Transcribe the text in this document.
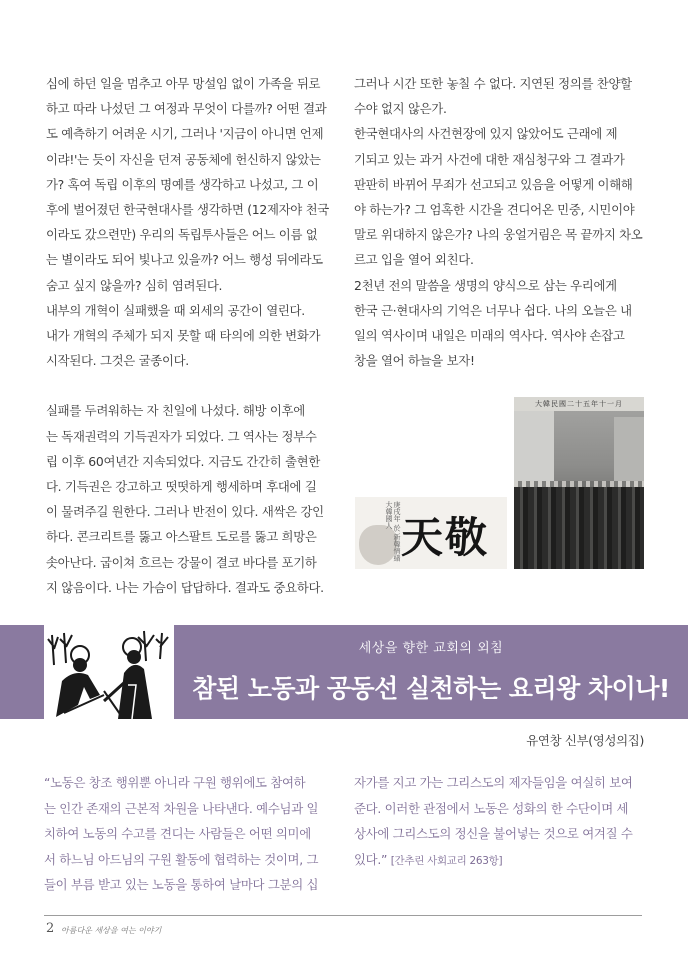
심에 하던 일을 멈추고 아무 망설임 없이 가족을 뒤로

하고 따라 나섰던 그 여정과 무엇이 다를까? 어떤 결과

도 예측하기 어려운 시기, 그러나 '지금이 아니면 언제

이랴!'는 듯이 자신을 던져 공동체에 헌신하지 않았는

가? 혹여 독립 이후의 명예를 생각하고 나섰고, 그 이

후에 벌어졌던 한국현대사를 생각하면 (12제자야 천국

이라도 갔으련만) 우리의 독립투사들은 어느 이름 없

는 별이라도 되어 빛나고 있을까? 어느 행성 뒤에라도

숨고 싶지 않을까? 심히 염려된다.

내부의 개혁이 실패했을 때 외세의 공간이 열린다.

내가 개혁의 주체가 되지 못할 때 타의에 의한 변화가

시작된다. 그것은 굴종이다.

실패를 두려워하는 자 친일에 나섰다. 해방 이후에

는 독재권력의 기득권자가 되었다. 그 역사는 정부수

립 이후 60여년간 지속되었다. 지금도 간간히 출현한

다. 기득권은 강고하고 떳떳하게 행세하며 후대에 길

이 물려주길 원한다. 그러나 반전이 있다. 새싹은 강인

하다. 콘크리트를 뚫고 아스팔트 도로를 뚫고 희망은

솟아난다. 굽이쳐 흐르는 강물이 결코 바다를 포기하

지 않음이다. 나는 가슴이 답답하다. 결과도 중요하다.

그러나 시간 또한 놓칠 수 없다. 지연된 정의를 찬양할

수야 없지 않은가.

한국현대사의 사건현장에 있지 않았어도 근래에 제

기되고 있는 과거 사건에 대한 재심청구와 그 결과가

판판히 바뀌어 무죄가 선고되고 있음을 어떻게 이해해

야 하는가? 그 엄혹한 시간을 견디어온 민중, 시민이야

말로 위대하지 않은가? 나의 웅얼거림은 목 끝까지 차오

르고 입을 열어 외친다.

2천년 전의 말씀을 생명의 양식으로 삼는 우리에게

한국 근·현대사의 기억은 너무나 쉽다. 나의 오늘은 내

일의 역사이며 내일은 미래의 역사다. 역사야 손잡고

창을 열어 하늘을 보자!

庚戌年 於 新韓情緖 大韓國人 天敬
大韓民國二十五年十一月
세상을 향한 교회의 외침
참된 노동과 공동선 실천하는 요리왕 차이나!
유연창 신부(영성의집)

“노동은 창조 행위뿐 아니라 구원 행위에도 참여하

는 인간 존재의 근본적 차원을 나타낸다. 예수님과 일

치하여 노동의 수고를 견디는 사람들은 어떤 의미에

서 하느님 아드님의 구원 활동에 협력하는 것이며, 그

들이 부름 받고 있는 노동을 통하여 날마다 그분의 십

자가를 지고 가는 그리스도의 제자들임을 여실히 보여

준다. 이러한 관점에서 노동은 성화의 한 수단이며 세

상사에 그리스도의 정신을 불어넣는 것으로 여겨질 수

있다.” [간추린 사회교리 263항]

2 아름다운 세상을 여는 이야기
